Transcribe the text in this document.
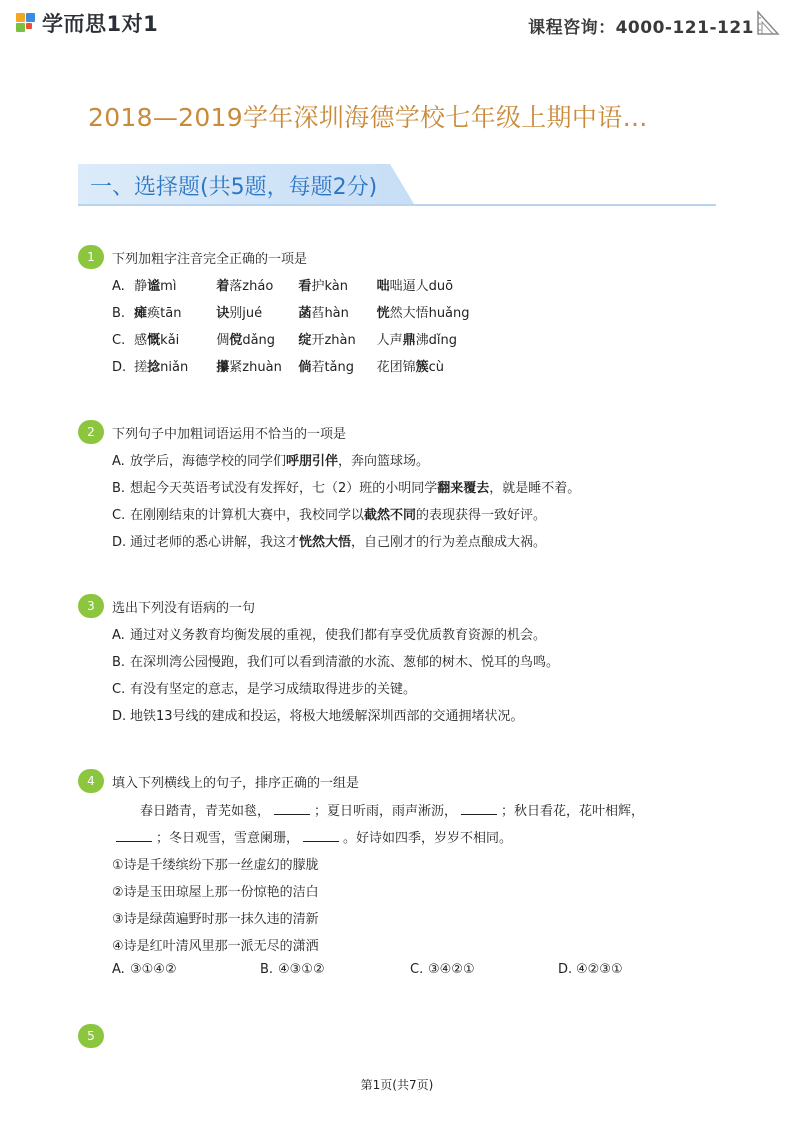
学而思1对1	课程咨询：4000-121-121
2018—2019学年深圳海德学校七年级上期中语…
一、选择题(共5题，每题2分)
1	下列加粗字注音完全正确的一项是
A. 静谧mì	着落zháo 看护kàn 咄咄逼人duō
B. 瘫痪tān	诀别jué	菡萏hàn 恍然大悟huǎng
C. 感慨kǎi	倜傥dǎng 绽开zhàn 人声鼎沸dǐng
D. 搓捻niǎn 攥紧zhuàn 倘若tǎng 花团锦簇cù
2	下列句子中加粗词语运用不恰当的一项是
A. 放学后，海德学校的同学们呼朋引伴，奔向篮球场。
B. 想起今天英语考试没有发挥好，七（2）班的小明同学翻来覆去，就是睡不着。
C. 在刚刚结束的计算机大赛中，我校同学以截然不同的表现获得一致好评。
D. 通过老师的悉心讲解，我这才恍然大悟，自己刚才的行为差点酿成大祸。
3	选出下列没有语病的一句
A. 通过对义务教育均衡发展的重视，使我们都有享受优质教育资源的机会。
B. 在深圳湾公园慢跑，我们可以看到清澈的水流、葱郁的树木、悦耳的鸟鸣。
C. 有没有坚定的意志，是学习成绩取得进步的关键。
D. 地铁13号线的建成和投运，将极大地缓解深圳西部的交通拥堵状况。
4	填入下列横线上的句子，排序正确的一组是
春日踏青，青芜如毯，	；夏日听雨，雨声淅沥，	；秋日看花，花叶相辉，
；冬日观雪，雪意阑珊，	。好诗如四季，岁岁不相同。
①诗是千缕缤纷下那一丝虚幻的朦胧
②诗是玉田琼屋上那一份惊艳的洁白
③诗是绿茵遍野时那一抹久违的清新
④诗是红叶清风里那一派无尽的潇洒
A. ③①④②	B. ④③①②	C. ③④②①	D. ④②③①
5
第1页(共7页)
